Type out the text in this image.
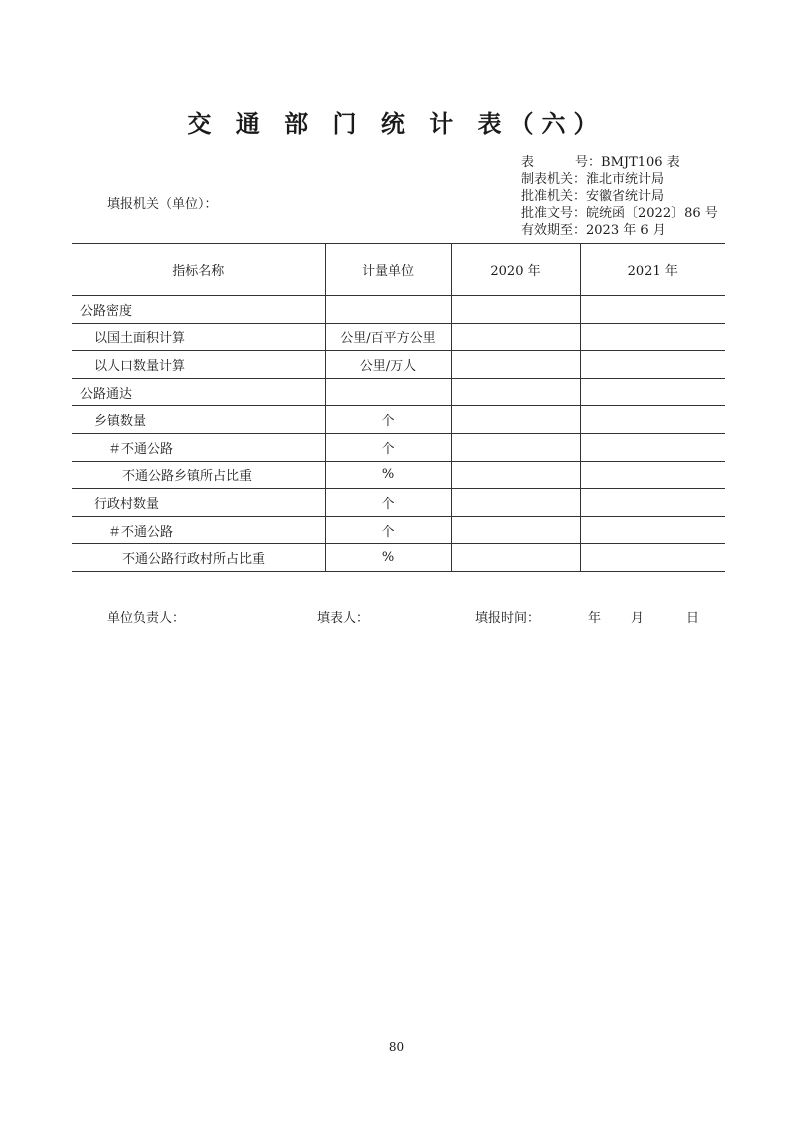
交 通 部 门 统 计 表（六）
表	号：BMJT106 表
制表机关：淮北市统计局
批准机关：安徽省统计局
批准文号：皖统函〔2022〕86 号
有效期至：2023 年 6 月
填报机关（单位）：
指标名称	计量单位	2020 年	2021 年
公路密度			
以国土面积计算	公里/百平方公里		
以人口数量计算	公里/万人		
公路通达			
乡镇数量	个		
＃不通公路	个		
不通公路乡镇所占比重	%		
行政村数量	个		
＃不通公路	个		
不通公路行政村所占比重	%		
单位负责人：	填表人：	填报时间：	年 月	日
80
